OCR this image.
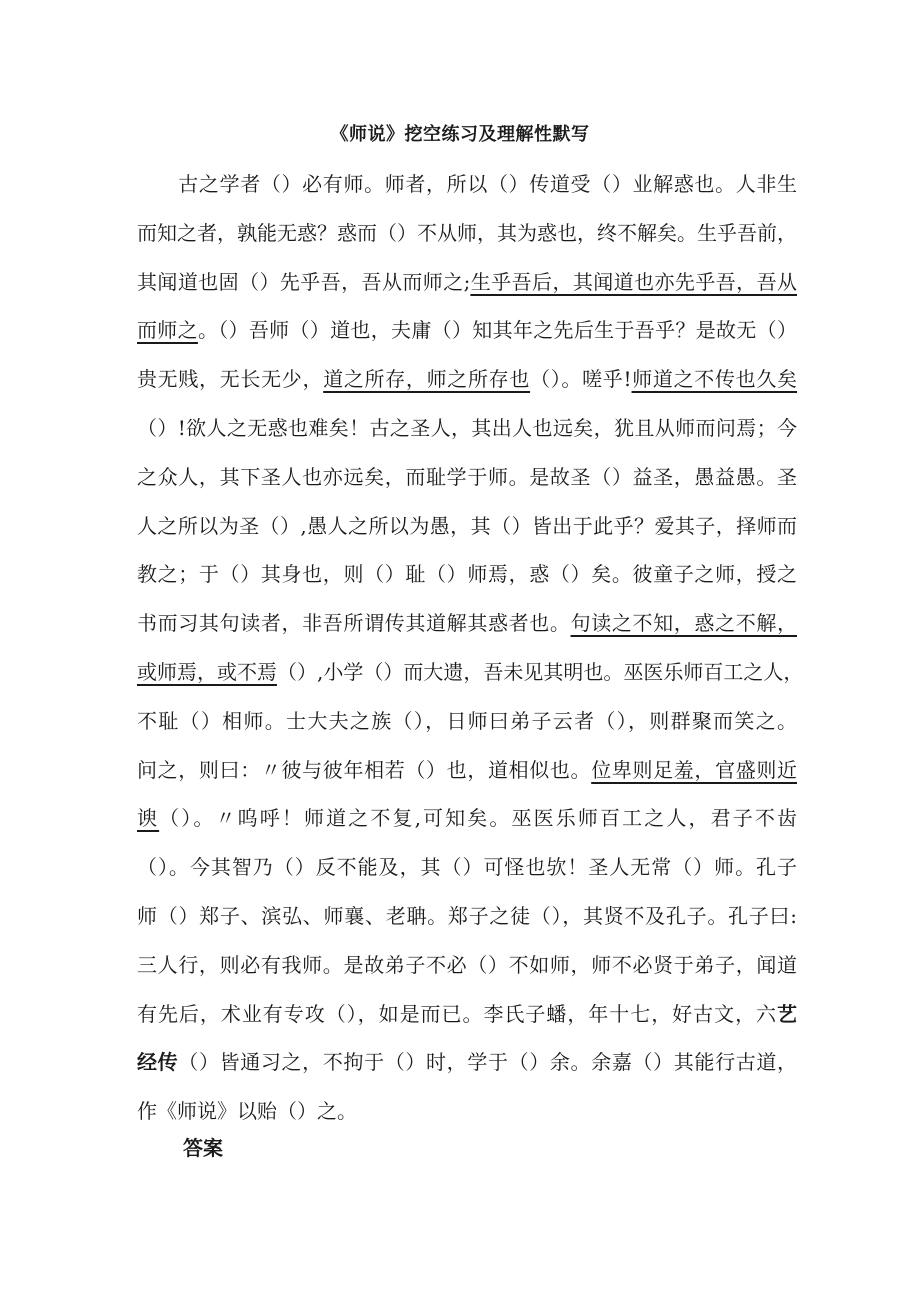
《师说》挖空练习及理解性默写
　　古之学者（）必有师。师者，所以（）传道受（）业解惑也。人非生
而知之者，孰能无惑？惑而（）不从师，其为惑也，终不解矣。生乎吾前，
其闻道也固（）先乎吾，吾从而师之;生乎吾后，其闻道也亦先乎吾，吾从
而师之。（）吾师（）道也，夫庸（）知其年之先后生于吾乎？是故无（）
贵无贱，无长无少，道之所存，师之所存也（）。嗟乎!师道之不传也久矣
（）!欲人之无惑也难矣！古之圣人，其出人也远矣，犹且从师而问焉；今
之众人，其下圣人也亦远矣，而耻学于师。是故圣（）益圣，愚益愚。圣
人之所以为圣（）,愚人之所以为愚，其（）皆出于此乎？爱其子，择师而
教之；于（）其身也，则（）耻（）师焉，惑（）矣。彼童子之师，授之
书而习其句读者，非吾所谓传其道解其惑者也。句读之不知，惑之不解，
或师焉，或不焉（）,小学（）而大遗，吾未见其明也。巫医乐师百工之人，
不耻（）相师。士大夫之族（），日师曰弟子云者（），则群聚而笑之。
问之，则曰：〃彼与彼年相若（）也，道相似也。位卑则足羞，官盛则近
谀（）。〃呜呼！师道之不复,可知矣。巫医乐师百工之人，君子不齿
（）。今其智乃（）反不能及，其（）可怪也欤！圣人无常（）师。孔子
师（）郑子、滨弘、师襄、老聃。郑子之徒（），其贤不及孔子。孔子曰:
三人行，则必有我师。是故弟子不必（）不如师，师不必贤于弟子，闻道
有先后，术业有专攻（），如是而已。李氏子蟠，年十七，好古文，六艺
经传（）皆通习之，不拘于（）时，学于（）余。余嘉（）其能行古道，
作《师说》以贻（）之。
答案
